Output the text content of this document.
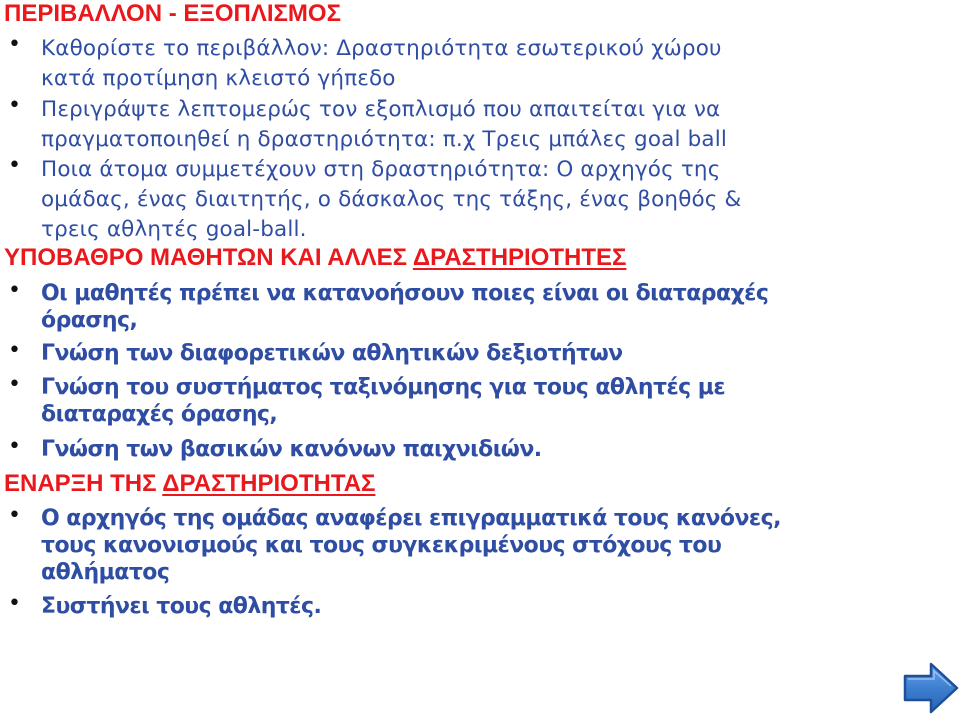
ΠΕΡΙΒΑΛΛΟΝ - ΕΞΟΠΛΙΣΜΟΣ
• Καθορίστε το περιβάλλον: Δραστηριότητα εσωτερικού χώρου
κατά προτίμηση κλειστό γήπεδο

• Περιγράψτε λεπτομερώς τον εξοπλισμό που απαιτείται για να
πραγματοποιηθεί η δραστηριότητα: π.χ Τρεις μπάλες goal ball

• Ποια άτομα συμμετέχουν στη δραστηριότητα: Ο αρχηγός της
ομάδας, ένας διαιτητής, ο δάσκαλος της τάξης, ένας βοηθός &
τρεις αθλητές goal-ball.

ΥΠΟΒΑΘΡΟ ΜΑΘΗΤΩΝ ΚΑΙ ΑΛΛΕΣ ΔΡΑΣΤΗΡΙΟΤΗΤΕΣ
• Οι μαθητές πρέπει να κατανοήσουν ποιες είναι οι διαταραχές
όρασης,

• Γνώση των διαφορετικών αθλητικών δεξιοτήτων

• Γνώση του συστήματος ταξινόμησης για τους αθλητές με
διαταραχές όρασης,

• Γνώση των βασικών κανόνων παιχνιδιών.

ΕΝΑΡΞΗ ΤΗΣ ΔΡΑΣΤΗΡΙΟΤΗΤΑΣ
• Ο αρχηγός της ομάδας αναφέρει επιγραμματικά τους κανόνες,
τους κανονισμούς και τους συγκεκριμένους στόχους του
αθλήματος

• Συστήνει τους αθλητές.
